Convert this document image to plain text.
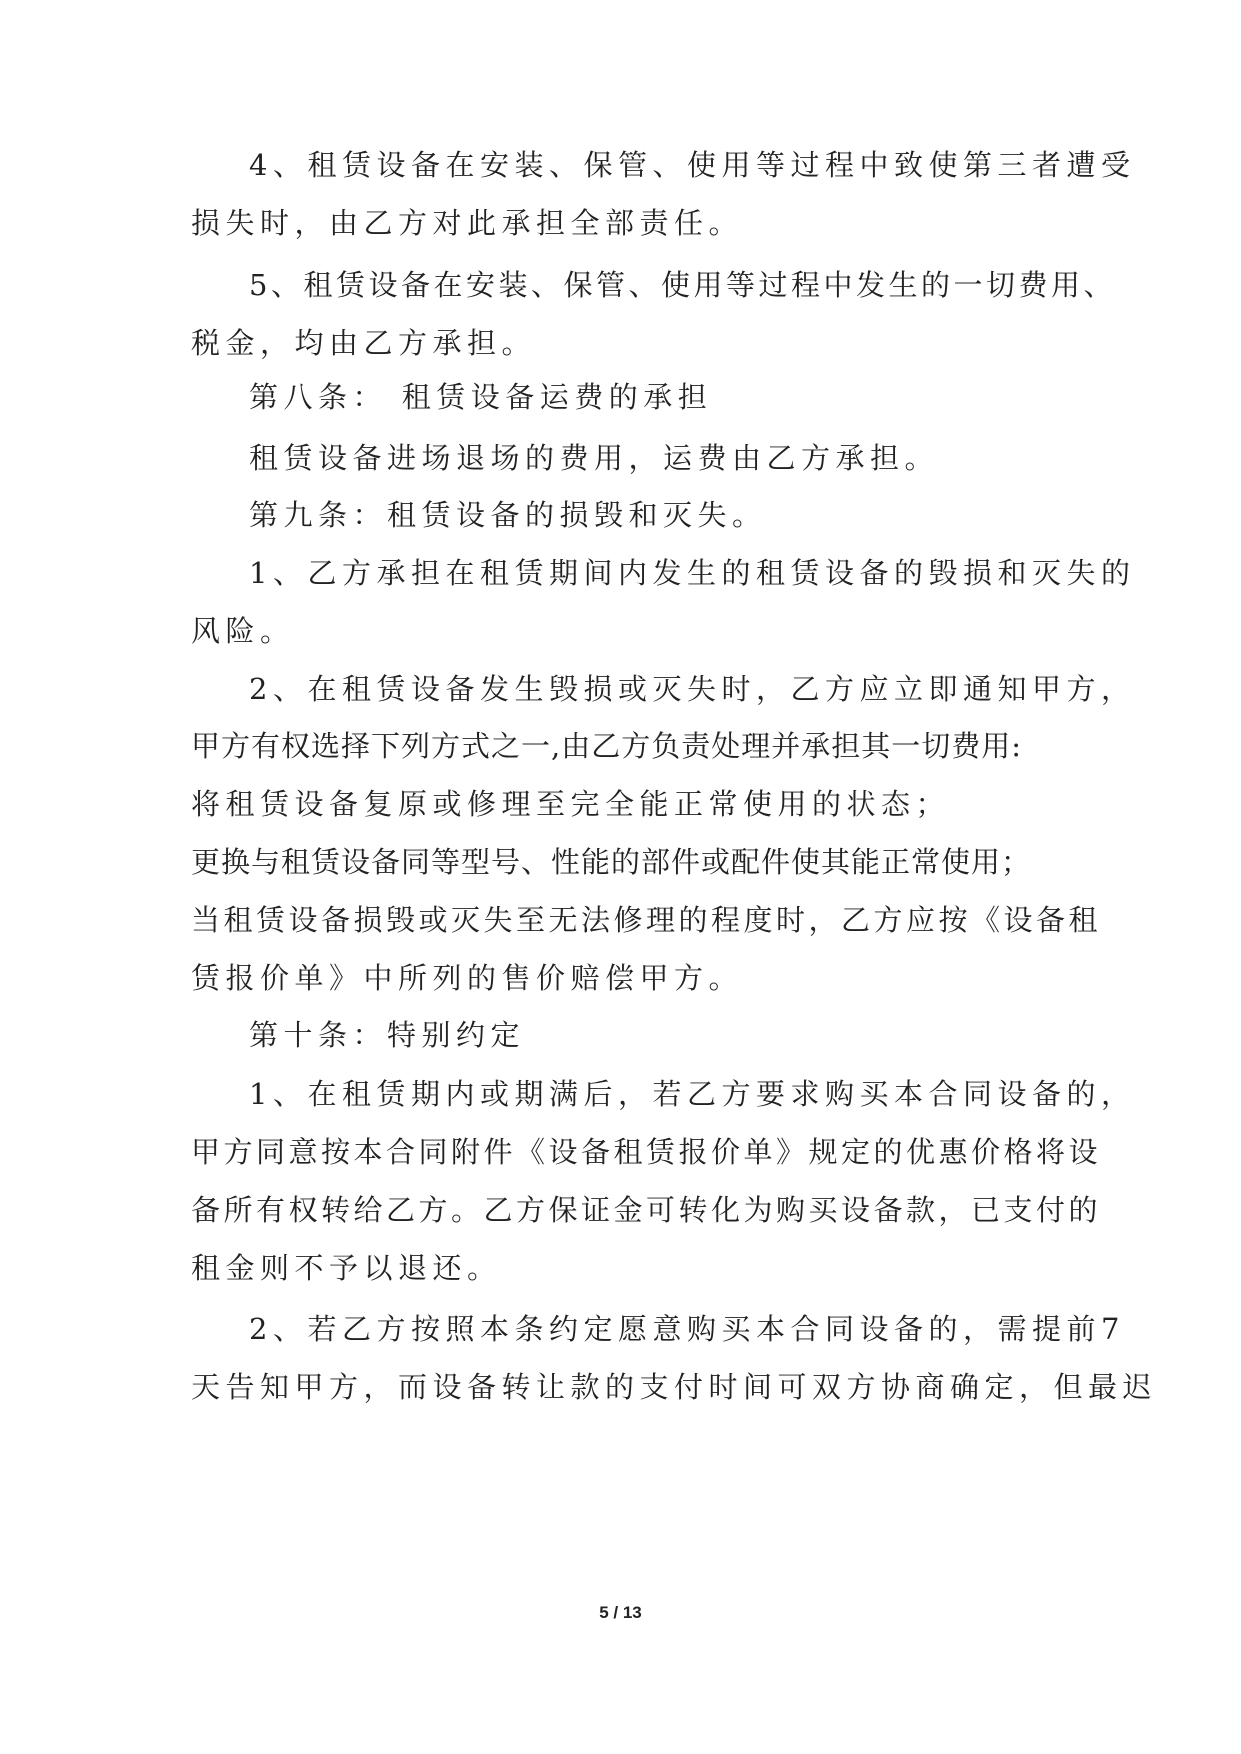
4、租赁设备在安装、保管、使用等过程中致使第三者遭受
损失时，由乙方对此承担全部责任。
5、租赁设备在安装、保管、使用等过程中发生的一切费用、
税金，均由乙方承担。
第八条： 租赁设备运费的承担
租赁设备进场退场的费用，运费由乙方承担。
第九条：租赁设备的损毁和灭失。
1、乙方承担在租赁期间内发生的租赁设备的毁损和灭失的
风险。
2、在租赁设备发生毁损或灭失时，乙方应立即通知甲方，
甲方有权选择下列方式之一,由乙方负责处理并承担其一切费用:
将租赁设备复原或修理至完全能正常使用的状态；
更换与租赁设备同等型号、性能的部件或配件使其能正常使用；
当租赁设备损毁或灭失至无法修理的程度时，乙方应按《设备租
赁报价单》中所列的售价赔偿甲方。
第十条：特别约定
1、在租赁期内或期满后，若乙方要求购买本合同设备的，
甲方同意按本合同附件《设备租赁报价单》规定的优惠价格将设
备所有权转给乙方。乙方保证金可转化为购买设备款，已支付的
租金则不予以退还。
2、若乙方按照本条约定愿意购买本合同设备的，需提前7
天告知甲方，而设备转让款的支付时间可双方协商确定，但最迟
5 / 13
